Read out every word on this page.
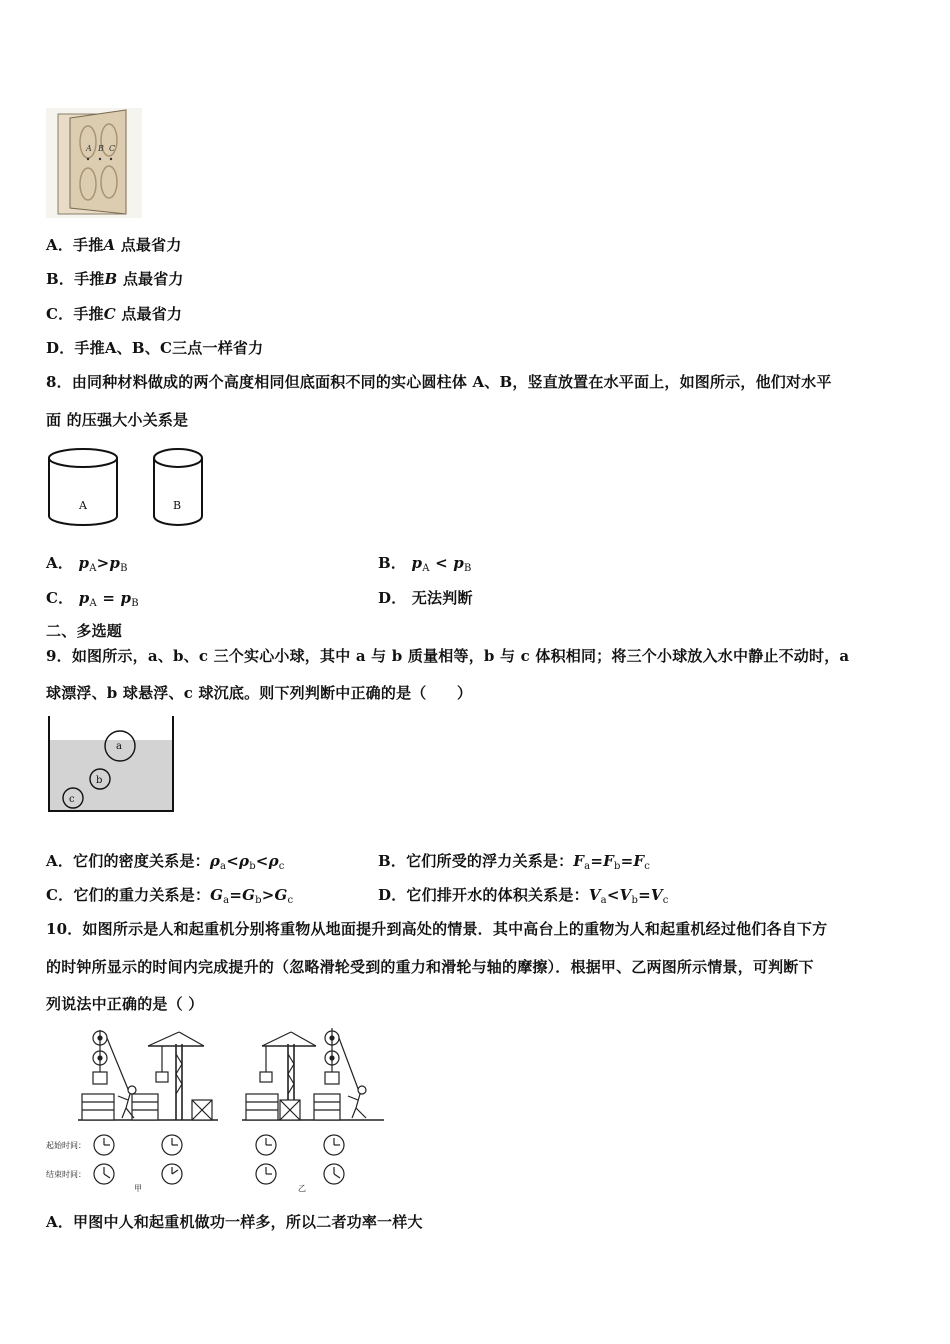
A B C
A．手推A 点最省力
B．手推B 点最省力
C．手推C 点最省力
D．手推A、B、C三点一样省力
8．由同种材料做成的两个高度相同但底面积不同的实心圆柱体 A、B，竖直放置在水平面上，如图所示，他们对水平
面 的压强大小关系是
A	B
A． $p_A>p_B$	B． $p_A < p_B$
C． $p_A = p_B$	D． 无法判断
二、多选题
9．如图所示，a、b、c 三个实心小球，其中 a 与 b 质量相等，b 与 c 体积相同；将三个小球放入水中静止不动时，a
球漂浮、b 球悬浮、c 球沉底。则下列判断中正确的是（　　）
a
b
c
A．它们的密度关系是：$\rho_a<\rho_b<\rho_c$	B．它们所受的浮力关系是：$F_a=F_b=F_c$
C．它们的重力关系是：$G_a=G_b>G_c$	D．它们排开水的体积关系是：$V_a<V_b=V_c$
10．如图所示是人和起重机分别将重物从地面提升到高处的情景．其中高台上的重物为人和起重机经过他们各自下方
的时钟所显示的时间内完成提升的（忽略滑轮受到的重力和滑轮与轴的摩擦）．根据甲、乙两图所示情景，可判断下
列说法中正确的是（ ）
起始时间：
结束时间：
甲	乙
A．甲图中人和起重机做功一样多，所以二者功率一样大
